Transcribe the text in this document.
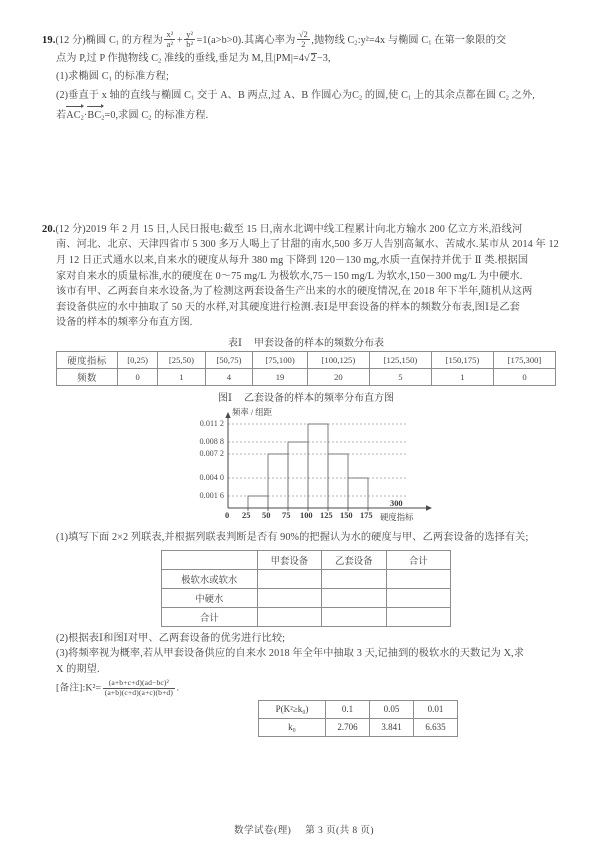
19.(12 分)椭圆 $C_1$ 的方程为 $\frac{\text{x²}}{\text{a²}} + \frac{\text{y²}}{\text{b²}} =1(a>b>0)$.其离心率为 $\frac{√2}{2}$ ,抛物线 $C_2:y^2=4x$ 与椭圆 $C_1$ 在第一象限的交
点为 P,过 P 作抛物线 $C_2$ 准线的垂线,垂足为 M,且|PM|=4√2−3,
(1)求椭圆 $C_1$ 的标准方程;
(2)垂直于 x 轴的直线与椭圆 $C_1$ 交于 A、B 两点,过 A、B 作圆心为$C_2$ 的圆,使 $C_1$ 上的其余点都在圆 $C_2$ 之外,
若$AC_2\cdot BC_2=0$,求圆 $C_2$ 的标准方程.
20.(12 分)2019 年 2 月 15 日,人民日报电:截至 15 日,南水北调中线工程累计向北方输水 200 亿立方米,沿线河
南、河北、北京、天津四省市 5 300 多万人喝上了甘甜的南水,500 多万人告别高氟水、苦咸水.某市从 2014 年 12
月 12 日正式通水以来,自来水的硬度从每升 380 mg 下降到 120－130 mg,水质一直保持并优于 Ⅱ 类.根据国
家对自来水的质量标准,水的硬度在 0～75 mg/L 为极软水,75－150 mg/L 为软水,150－300 mg/L 为中硬水.
该市有甲、乙两套自来水设备,为了检测这两套设备生产出来的水的硬度情况,在 2018 年下半年,随机从这两
套设备供应的水中抽取了 50 天的水样,对其硬度进行检测.表Ⅰ是甲套设备的样本的频数分布表,图Ⅰ是乙套
设备的样本的频率分布直方图.
表Ⅰ 甲套设备的样本的频数分布表
硬度指标	[0,25)	[25,50)	[50,75)	[75,100)	[100,125)	[125,150)	[150,175)	[175,300]
频数	0	1	4	19	20	5	1	0
图Ⅰ 乙套设备的样本的频率分布直方图
0.011 2
0.008 8
0.007 2
0.004 0
0.001 6
频率 / 组距
0 25 50 75 100 125 150 175
300
硬度指标
(1)填写下面 2×2 列联表,并根据列联表判断是否有 90%的把握认为水的硬度与甲、乙两套设备的选择有关;
	甲套设备	乙套设备	合计
极软水或软水			
中硬水			
合计			
(2)根据表Ⅰ和图Ⅰ对甲、乙两套设备的优劣进行比较;
(3)将频率视为概率,若从甲套设备供应的自来水 2018 年全年中抽取 3 天,记抽到的极软水的天数记为 X,求
X 的期望.
[备注]:K²= $\frac{\text{(a+b+c+d)(ad−bc)²}}{(a+b)(c+d)(a+c)(b+d)}$ .
P(K²≥k₀)	0.1	0.05	0.01
k₀	2.706	3.841	6.635
数学试卷(理) 第 3 页(共 8 页)
